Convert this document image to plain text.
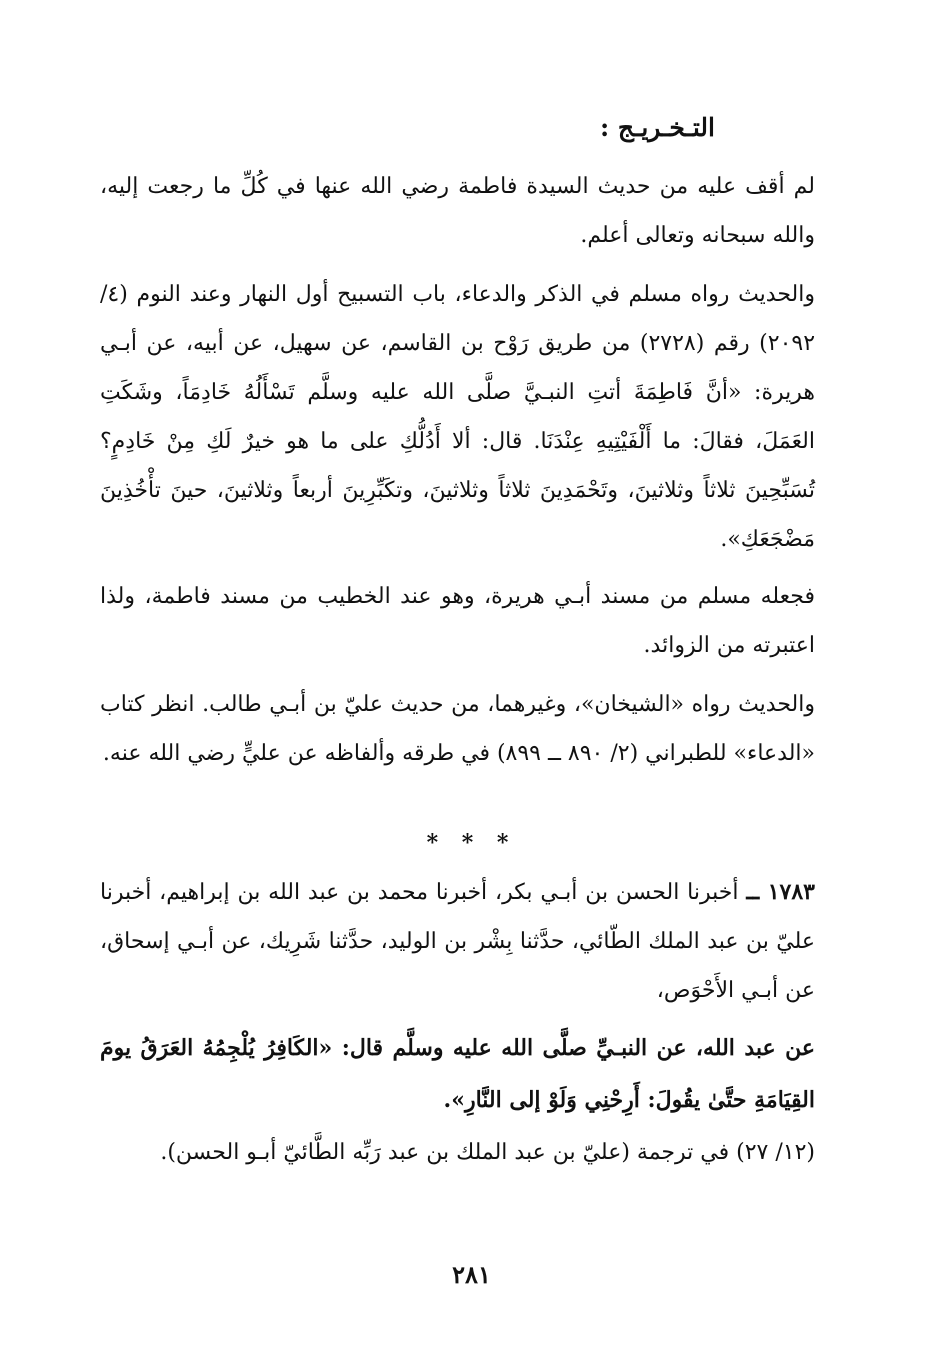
التـخـريـج :
لم أقف عليه من حديث السيدة فاطمة رضي الله عنها في كُلِّ ما رجعت إليه، والله سبحانه وتعالى أعلم.
والحديث رواه مسلم في الذكر والدعاء، باب التسبيح أول النهار وعند النوم (٤/ ٢٠٩٢) رقم (٢٧٢٨) من طريق رَوْح بن القاسم، عن سهيل، عن أبيه، عن أبـي هريرة: «أنَّ فَاطِمَةَ أتتِ النبـيَّ صلَّى الله عليه وسلَّم تَسْأَلُهُ خَادِمَاً، وشَكَتِ العَمَلَ، فقالَ: ما أَلْفَيْتِيهِ عِنْدَنَا. قال: ألا أَدُلُّكِ على ما هو خيرٌ لَكِ مِنْ خَادِمٍ؟ تُسَبِّحِينَ ثلاثاً وثلاثينَ، وتَحْمَدِينَ ثلاثاً وثلاثينَ، وتكَبِّرِينَ أربعاً وثلاثينَ، حينَ تأْخُذِينَ مَضْجَعَكِ».
فجعله مسلم من مسند أبـي هريرة، وهو عند الخطيب من مسند فاطمة، ولذا اعتبرته من الزوائد.
والحديث رواه «الشيخان»، وغيرهما، من حديث عليّ بن أبـي طالب. انظر كتاب «الدعاء» للطبراني (٢/ ٨٩٠ ــ ٨٩٩) في طرقه وألفاظه عن عليٍّ رضي الله عنه.
* * *
١٧٨٣ ــ أخبرنا الحسن بن أبـي بكر، أخبرنا محمد بن عبد الله بن إبراهيم، أخبرنا عليّ بن عبد الملك الطّائي، حدَّثنا بِشْر بن الوليد، حدَّثنا شَرِيك، عن أبـي إسحاق، عن أبـي الأَحْوَص،
عن عبد الله، عن النبـيِّ صلَّى الله عليه وسلَّم قال: «الكَافِرُ يُلْجِمُهُ العَرَقُ يومَ القِيَامَةِ حتَّىٰ يقُولَ: أَرِحْنِي وَلَوْ إلى النَّارِ».
(١٢/ ٢٧) في ترجمة (عليّ بن عبد الملك بن عبد رَبِّه الطَّائيّ أبـو الحسن).
٢٨١
